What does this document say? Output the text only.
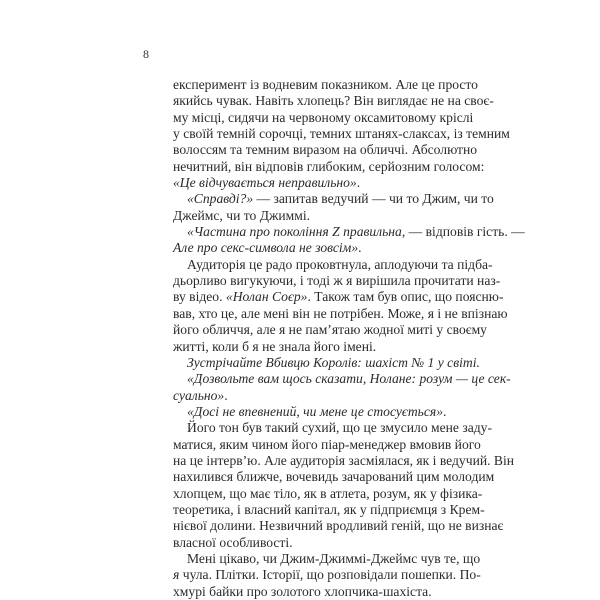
8
експеримент із водневим показником. Але це просто
якийсь чувак. Навіть хлопець? Він виглядає не на своє-
му місці, сидячи на червоному оксамитовому кріслі
у своїй темній сорочці, темних штанях-слаксах, із темним
волоссям та темним виразом на обличчі. Абсолютно
нечитний, він відповів глибоким, серйозним голосом:
«Це відчувається неправильно».
«Справді?» — запитав ведучий — чи то Джим, чи то
Джеймс, чи то Джиммі.
«Частина про покоління Z правильна, — відповів гість. —
Але про секс-символа не зовсім».
Аудиторія це радо проковтнула, аплодуючи та підба-
дьорливо вигукуючи, і тоді ж я вирішила прочитати наз-
ву відео. «Нолан Соєр». Також там був опис, що поясню-
вав, хто це, але мені він не потрібен. Може, я і не впізнаю
його обличчя, але я не пам’ятаю жодної миті у своєму
житті, коли б я не знала його імені.
Зустрічайте Вбивцю Королів: шахіст № 1 у світі.
«Дозвольте вам щось сказати, Нолане: розум — це сек-
суально».
«Досі не впевнений, чи мене це стосується».
Його тон був такий сухий, що це змусило мене заду-
матися, яким чином його піар-менеджер вмовив його
на це інтерв’ю. Але аудиторія засміялася, як і ведучий. Він
нахилився ближче, вочевидь зачарований цим молодим
хлопцем, що має тіло, як в атлета, розум, як у фізика-
теоретика, і власний капітал, як у підприємця з Крем-
нієвої долини. Незвичний вродливий геній, що не визнає
власної особливості.
Мені цікаво, чи Джим-Джиммі-Джеймс чув те, що
я чула. Плітки. Історії, що розповідали пошепки. По-
хмурі байки про золотого хлопчика-шахіста.
